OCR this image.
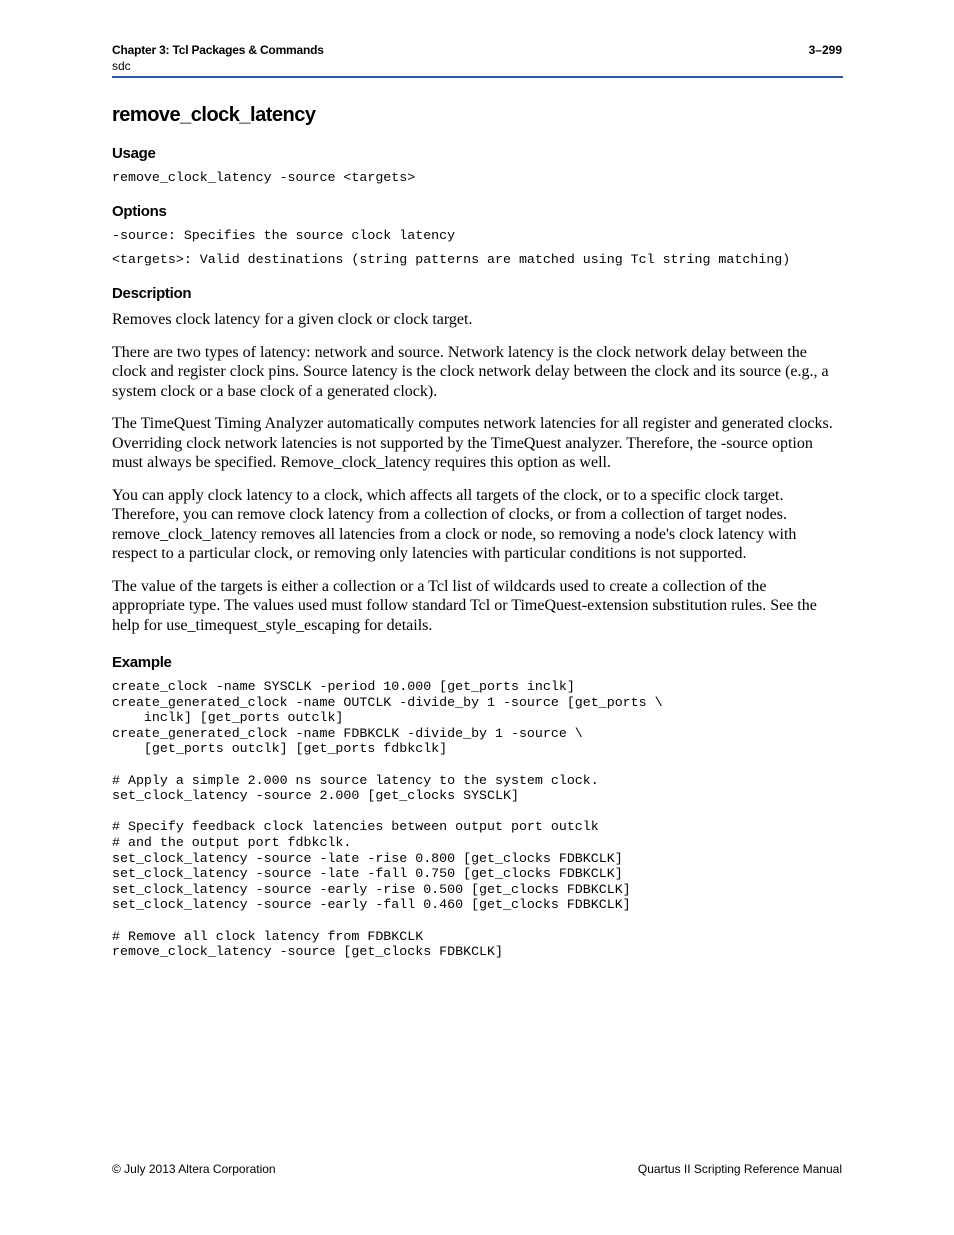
Chapter 3: Tcl Packages & Commands
sdc
3–299
remove_clock_latency
Usage
remove_clock_latency -source <targets>
Options
-source: Specifies the source clock latency
<targets>: Valid destinations (string patterns are matched using Tcl string matching)
Description

Removes clock latency for a given clock or clock target.

There are two types of latency: network and source. Network latency is the clock network delay between the clock and register clock pins. Source latency is the clock network delay between the clock and its source (e.g., a system clock or a base clock of a generated clock).

The TimeQuest Timing Analyzer automatically computes network latencies for all register and generated clocks. Overriding clock network latencies is not supported by the TimeQuest analyzer. Therefore, the -source option must always be specified. Remove_clock_latency requires this option as well.

You can apply clock latency to a clock, which affects all targets of the clock, or to a specific clock target. Therefore, you can remove clock latency from a collection of clocks, or from a collection of target nodes. remove_clock_latency removes all latencies from a clock or node, so removing a node's clock latency with respect to a particular clock, or removing only latencies with particular conditions is not supported.

The value of the targets is either a collection or a Tcl list of wildcards used to create a collection of the appropriate type. The values used must follow standard Tcl or TimeQuest-extension substitution rules. See the help for use_timequest_style_escaping for details.

Example
create_clock -name SYSCLK -period 10.000 [get_ports inclk]
create_generated_clock -name OUTCLK -divide_by 1 -source [get_ports \
inclk] [get_ports outclk]
create_generated_clock -name FDBKCLK -divide_by 1 -source \
[get_ports outclk] [get_ports fdbkclk]

# Apply a simple 2.000 ns source latency to the system clock.
set_clock_latency -source 2.000 [get_clocks SYSCLK]

# Specify feedback clock latencies between output port outclk
# and the output port fdbkclk.
set_clock_latency -source -late -rise 0.800 [get_clocks FDBKCLK]
set_clock_latency -source -late -fall 0.750 [get_clocks FDBKCLK]
set_clock_latency -source -early -rise 0.500 [get_clocks FDBKCLK]
set_clock_latency -source -early -fall 0.460 [get_clocks FDBKCLK]

# Remove all clock latency from FDBKCLK
remove_clock_latency -source [get_clocks FDBKCLK]
© July 2013 Altera Corporation	Quartus II Scripting Reference Manual
